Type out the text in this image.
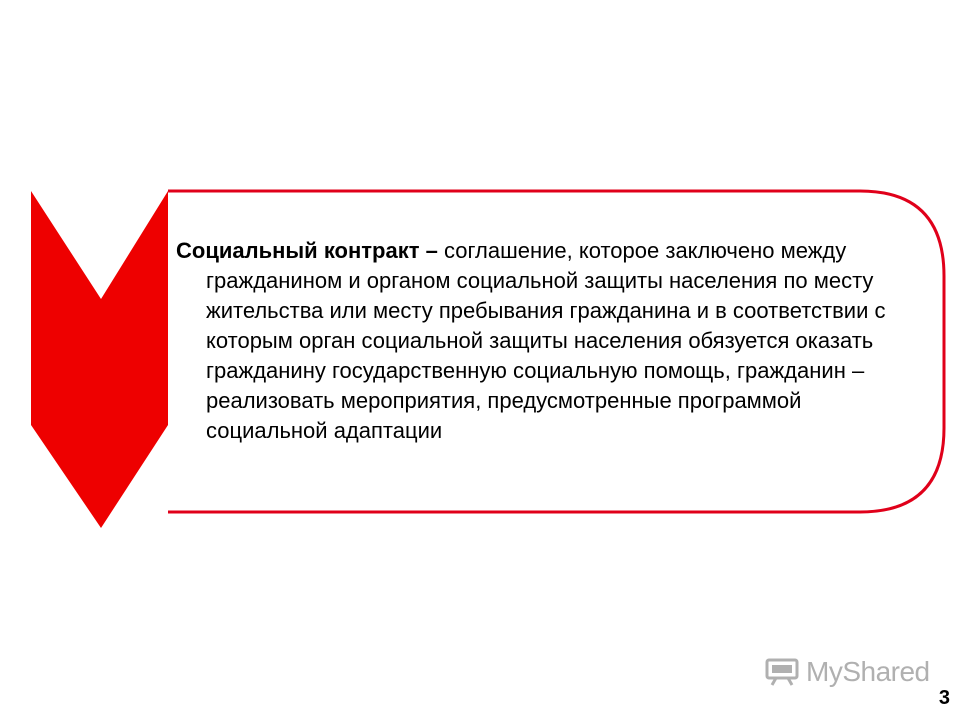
Социальный контракт – соглашение, которое заключено между гражданином и органом социальной защиты населения по месту жительства или месту пребывания гражданина и в соответствии с которым орган социальной защиты населения обязуется оказать гражданину государственную социальную помощь, гражданин – реализовать мероприятия, предусмотренные программой социальной адаптации
MyShared
3
